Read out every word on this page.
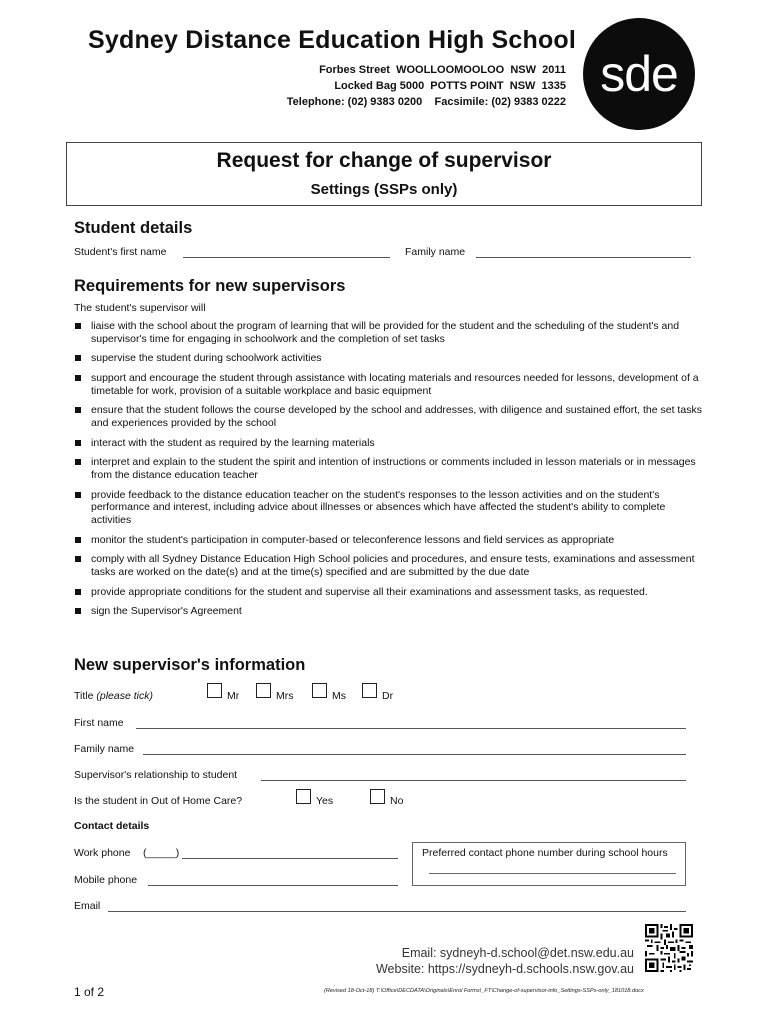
Sydney Distance Education High School
Forbes Street  WOOLLOOMOOLOO  NSW  2011
Locked Bag 5000  POTTS POINT  NSW  1335
Telephone: (02) 9383 0200    Facsimile: (02) 9383 0222 sde
Request for change of supervisor
Settings (SSPs only)
Student details
Student's first name	Family name
Requirements for new supervisors
The student's supervisor will
liaise with the school about the program of learning that will be provided for the student and the scheduling of the student's and supervisor's time for engaging in schoolwork and the completion of set tasks
supervise the student during schoolwork activities
support and encourage the student through assistance with locating materials and resources needed for lessons, development of a timetable for work, provision of a suitable workplace and basic equipment
ensure that the student follows the course developed by the school and addresses, with diligence and sustained effort, the set tasks and experiences provided by the school
interact with the student as required by the learning materials
interpret and explain to the student the spirit and intention of instructions or comments included in lesson materials or in messages from the distance education teacher
provide feedback to the distance education teacher on the student's responses to the lesson activities and on the student's performance and interest, including advice about illnesses or absences which have affected the student's ability to complete activities
monitor the student's participation in computer-based or teleconference lessons and field services as appropriate
comply with all Sydney Distance Education High School policies and procedures, and ensure tests, examinations and assessment tasks are worked on the date(s) and at the time(s) specified and are submitted by the due date
provide appropriate conditions for the student and supervise all their examinations and assessment tasks, as requested.
sign the Supervisor's Agreement
New supervisor's information
Title (please tick)	Mr	Mrs	Ms	Dr
First name
Family name
Supervisor's relationship to student
Is the student in Out of Home Care?	Yes	No
Contact details
Work phone (_____)	Preferred contact phone number during school hours
Mobile phone
Email
Email: sydneyh-d.school@det.nsw.edu.au
Website: https://sydneyh-d.schools.nsw.gov.au
1 of 2	(Revised 18-Oct-18) T:\Office\DECDATA\Originals\Enrol Forms\_FT\Change-of-supervisor-info_Settings-SSPs-only_181018.docx
